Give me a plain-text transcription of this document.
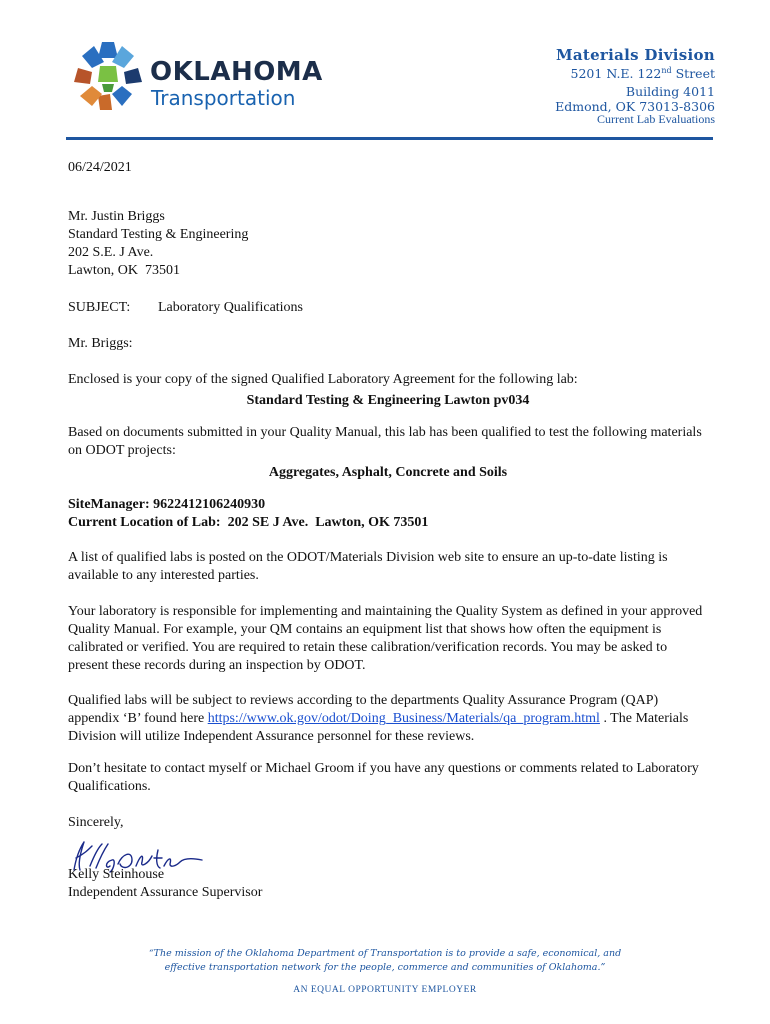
OKLAHOMA
Transportation
Materials Division
5201 N.E. 122nd Street
Building 4011
Edmond, OK 73013-8306
Current Lab Evaluations
06/24/2021
Mr. Justin Briggs
Standard Testing & Engineering
202 S.E. J Ave.
Lawton, OK  73501
SUBJECT: Laboratory Qualifications
Mr. Briggs:
Enclosed is your copy of the signed Qualified Laboratory Agreement for the following lab:
Standard Testing & Engineering Lawton pv034
Based on documents submitted in your Quality Manual, this lab has been qualified to test the following materials on ODOT projects:
Aggregates, Asphalt, Concrete and Soils
SiteManager: 9622412106240930
Current Location of Lab:  202 SE J Ave.  Lawton, OK 73501
A list of qualified labs is posted on the ODOT/Materials Division web site to ensure an up-to-date listing is available to any interested parties.
Your laboratory is responsible for implementing and maintaining the Quality System as defined in your approved Quality Manual. For example, your QM contains an equipment list that shows how often the equipment is calibrated or verified. You are required to retain these calibration/verification records. You may be asked to present these records during an inspection by ODOT.
Qualified labs will be subject to reviews according to the departments Quality Assurance Program (QAP) appendix ‘B’ found here https://www.ok.gov/odot/Doing_Business/Materials/qa_program.html . The Materials Division will utilize Independent Assurance personnel for these reviews.
Don’t hesitate to contact myself or Michael Groom if you have any questions or comments related to Laboratory Qualifications.
Sincerely,
Kelly Steinhouse
Independent Assurance Supervisor
“The mission of the Oklahoma Department of Transportation is to provide a safe, economical, and
effective transportation network for the people, commerce and communities of Oklahoma.”
AN EQUAL OPPORTUNITY EMPLOYER
